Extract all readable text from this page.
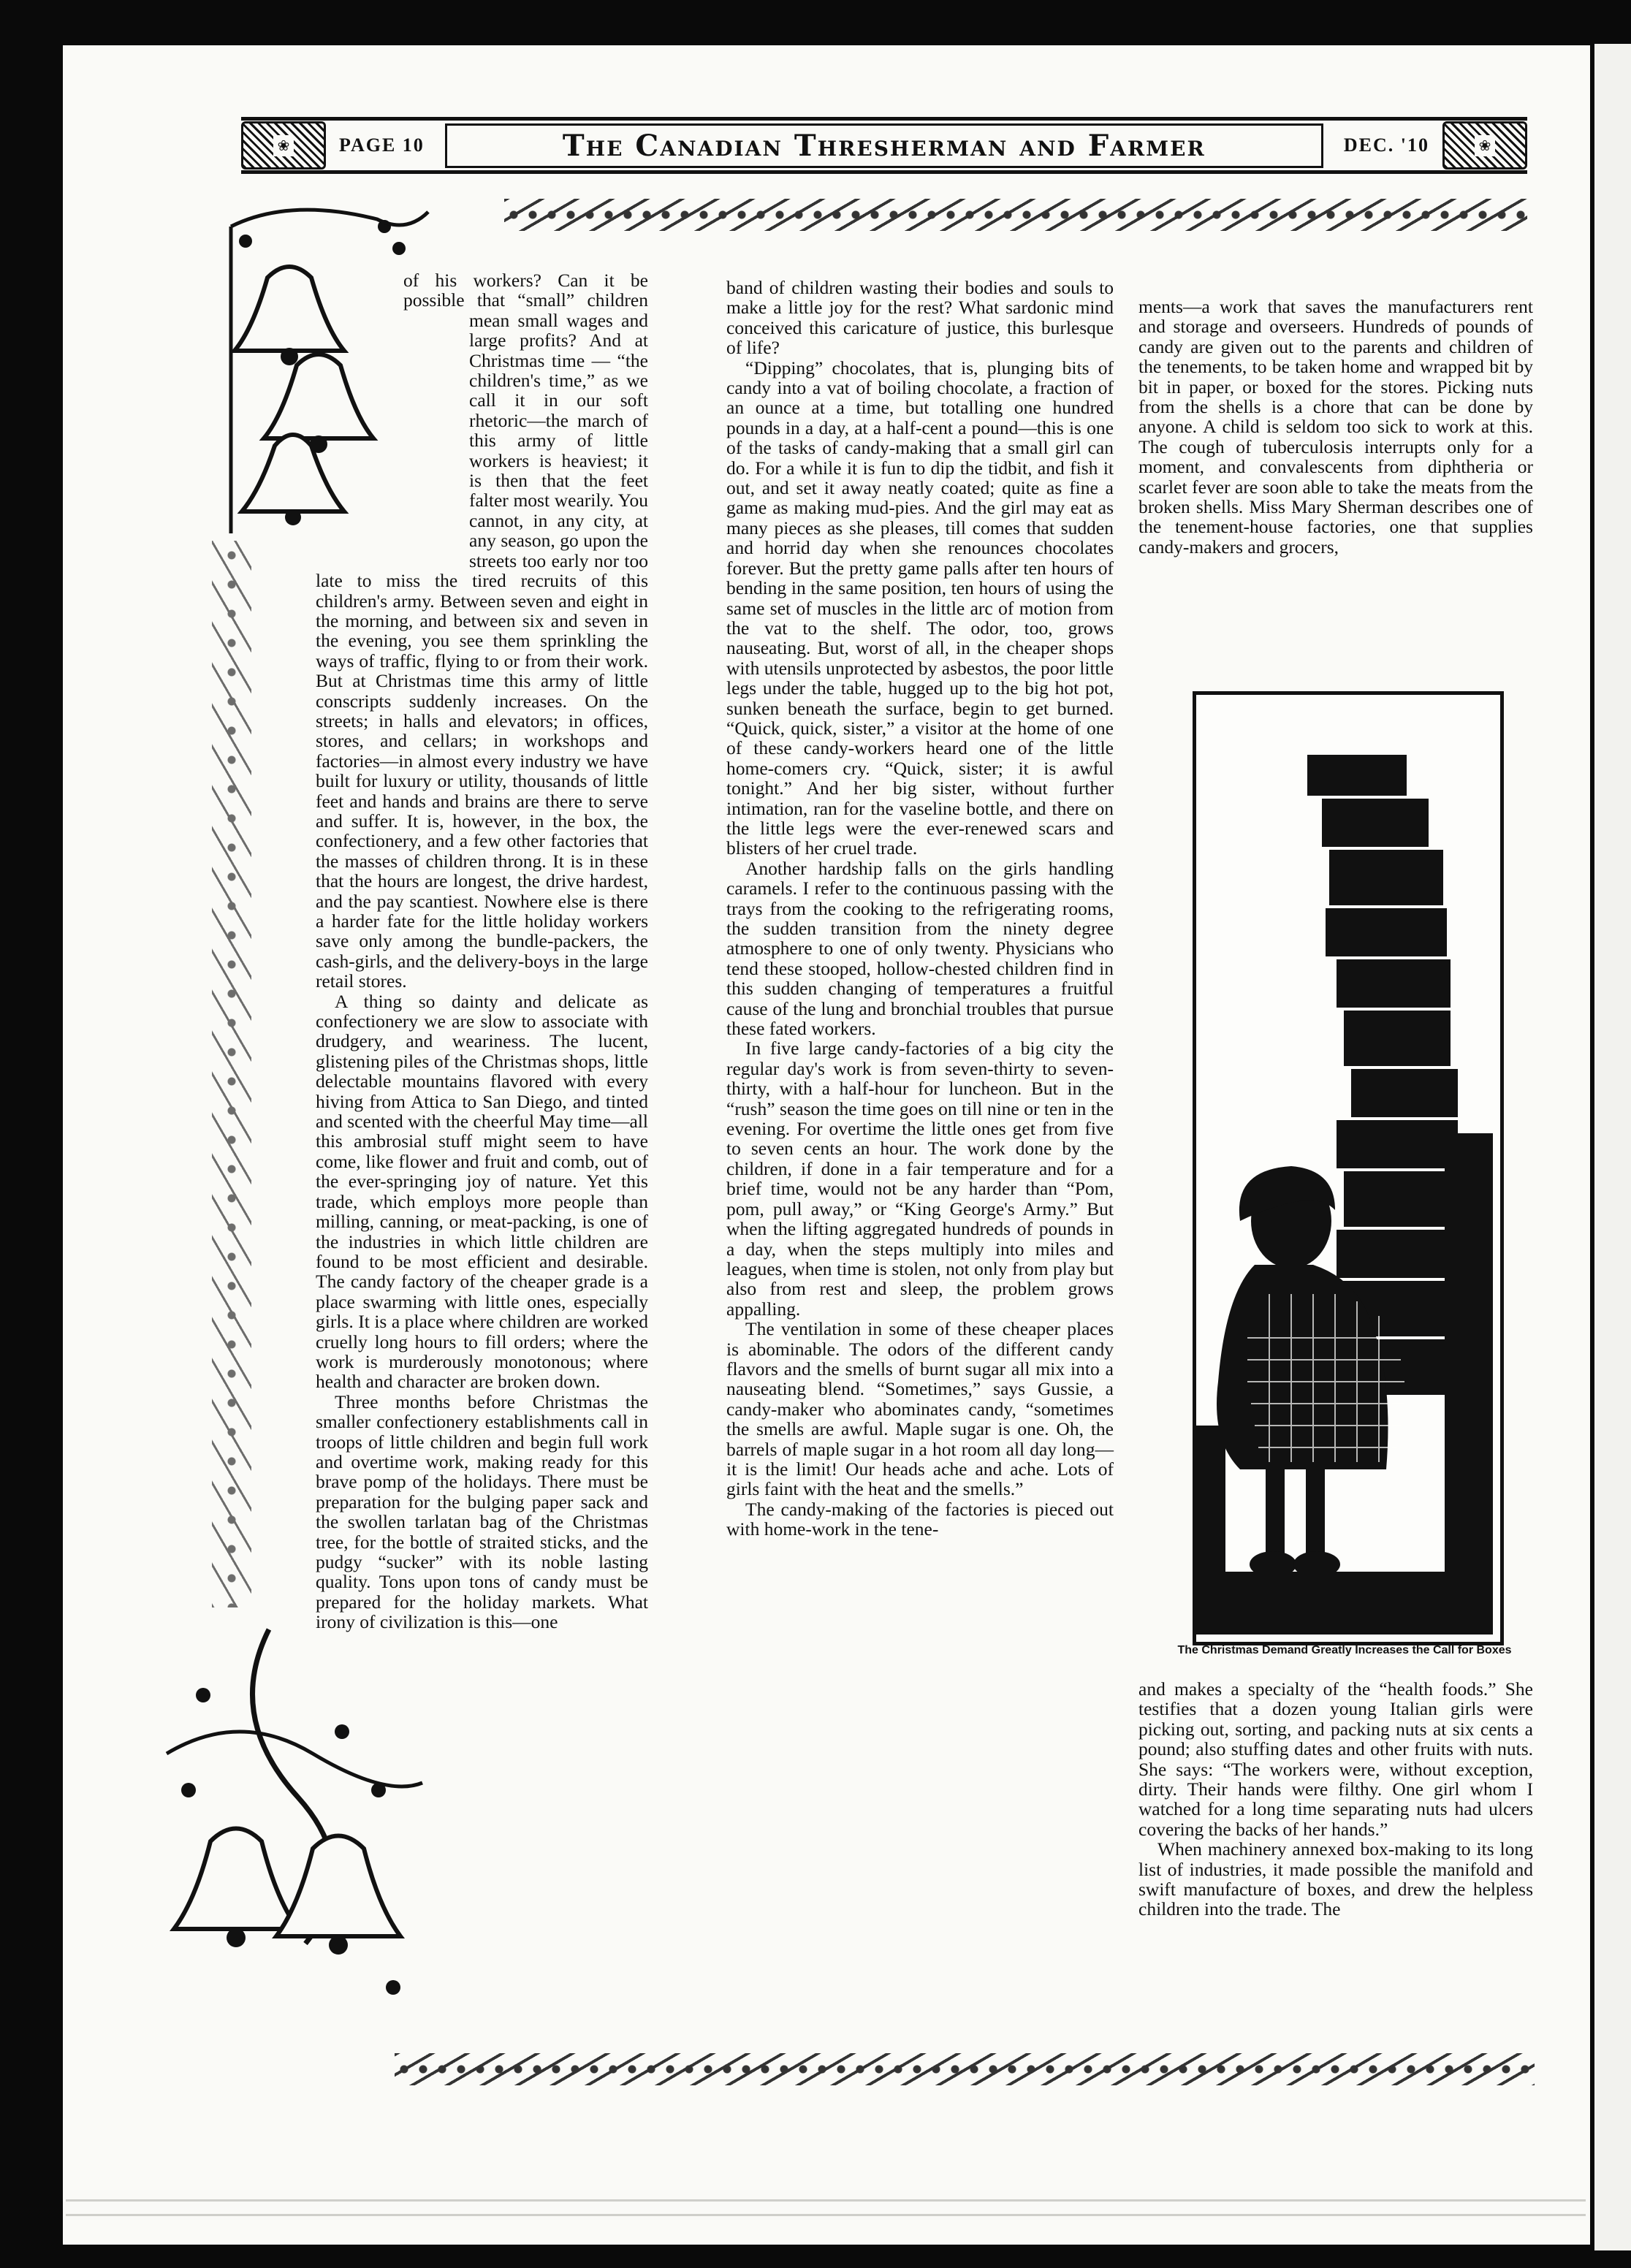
❀	PAGE 10	The Canadian Thresherman and Farmer	DEC. '10	❀

of his workers? Can it be possible that “small” children mean small wages and large profits? And at Christmas time — “the children's time,” as we call it in our soft rhetoric—the march of this army of little workers is heaviest; it is then that the feet falter most wearily. You cannot, in any city, at any season, go upon the streets too early nor too late to miss the tired recruits of this children's army. Between seven and eight in the morning, and between six and seven in the evening, you see them sprinkling the ways of traffic, flying to or from their work. But at Christmas time this army of little conscripts suddenly increases. On the streets; in halls and elevators; in offices, stores, and cellars; in workshops and factories—in almost every industry we have built for luxury or utility, thousands of little feet and hands and brains are there to serve and suffer. It is, however, in the box, the confectionery, and a few other factories that the masses of children throng. It is in these that the hours are longest, the drive hardest, and the pay scantiest. Nowhere else is there a harder fate for the little holiday workers save only among the bundle-packers, the cash-girls, and the delivery-boys in the large retail stores.

A thing so dainty and delicate as confectionery we are slow to associate with drudgery, and weariness. The lucent, glistening piles of the Christmas shops, little delectable mountains flavored with every hiving from Attica to San Diego, and tinted and scented with the cheerful May time—all this ambrosial stuff might seem to have come, like flower and fruit and comb, out of the ever-springing joy of nature. Yet this trade, which employs more people than milling, canning, or meat-packing, is one of the industries in which little children are found to be most efficient and desirable. The candy factory of the cheaper grade is a place swarming with little ones, especially girls. It is a place where children are worked cruelly long hours to fill orders; where the work is murderously monotonous; where health and character are broken down.

Three months before Christmas the smaller confectionery establishments call in troops of little children and begin full work and overtime work, making ready for this brave pomp of the holidays. There must be preparation for the bulging paper sack and the swollen tarlatan bag of the Christmas tree, for the bottle of straited sticks, and the pudgy “sucker” with its noble lasting quality. Tons upon tons of candy must be prepared for the holiday markets. What irony of civilization is this—one

band of children wasting their bodies and souls to make a little joy for the rest? What sardonic mind conceived this caricature of justice, this burlesque of life?

“Dipping” chocolates, that is, plunging bits of candy into a vat of boiling chocolate, a fraction of an ounce at a time, but totalling one hundred pounds in a day, at a half-cent a pound—this is one of the tasks of candy-making that a small girl can do. For a while it is fun to dip the tidbit, and fish it out, and set it away neatly coated; quite as fine a game as making mud-pies. And the girl may eat as many pieces as she pleases, till comes that sudden and horrid day when she renounces chocolates forever. But the pretty game palls after ten hours of bending in the same position, ten hours of using the same set of muscles in the little arc of motion from the vat to the shelf. The odor, too, grows nauseating. But, worst of all, in the cheaper shops with utensils unprotected by asbestos, the poor little legs under the table, hugged up to the big hot pot, sunken beneath the surface, begin to get burned. “Quick, quick, sister,” a visitor at the home of one of these candy-workers heard one of the little home-comers cry. “Quick, sister; it is awful tonight.” And her big sister, without further intimation, ran for the vaseline bottle, and there on the little legs were the ever-renewed scars and blisters of her cruel trade.

Another hardship falls on the girls handling caramels. I refer to the continuous passing with the trays from the cooking to the refrigerating rooms, the sudden transition from the ninety degree atmosphere to one of only twenty. Physicians who tend these stooped, hollow-chested children find in this sudden changing of temperatures a fruitful cause of the lung and bronchial troubles that pursue these fated workers.

In five large candy-factories of a big city the regular day's work is from seven-thirty to seven-thirty, with a half-hour for luncheon. But in the “rush” season the time goes on till nine or ten in the evening. For overtime the little ones get from five to seven cents an hour. The work done by the children, if done in a fair temperature and for a brief time, would not be any harder than “Pom, pom, pull away,” or “King George's Army.” But when the lifting aggregated hundreds of pounds in a day, when the steps multiply into miles and leagues, when time is stolen, not only from play but also from rest and sleep, the problem grows appalling.

The ventilation in some of these cheaper places is abominable. The odors of the different candy flavors and the smells of burnt sugar all mix into a nauseating blend. “Sometimes,” says Gussie, a candy-maker who abominates candy, “sometimes the smells are awful. Maple sugar is one. Oh, the barrels of maple sugar in a hot room all day long—it is the limit! Our heads ache and ache. Lots of girls faint with the heat and the smells.”

The candy-making of the factories is pieced out with home-work in the tene-

ments—a work that saves the manufacturers rent and storage and overseers. Hundreds of pounds of candy are given out to the parents and children of the tenements, to be taken home and wrapped bit by bit in paper, or boxed for the stores. Picking nuts from the shells is a chore that can be done by anyone. A child is seldom too sick to work at this. The cough of tuberculosis interrupts only for a moment, and convalescents from diphtheria or scarlet fever are soon able to take the meats from the broken shells. Miss Mary Sherman describes one of the tenement-house factories, one that supplies candy-makers and grocers,

The Christmas Demand Greatly Increases the Call for Boxes

and makes a specialty of the “health foods.” She testifies that a dozen young Italian girls were picking out, sorting, and packing nuts at six cents a pound; also stuffing dates and other fruits with nuts. She says: “The workers were, without exception, dirty. Their hands were filthy. One girl whom I watched for a long time separating nuts had ulcers covering the backs of her hands.”

When machinery annexed box-making to its long list of industries, it made possible the manifold and swift manufacture of boxes, and drew the helpless children into the trade. The
